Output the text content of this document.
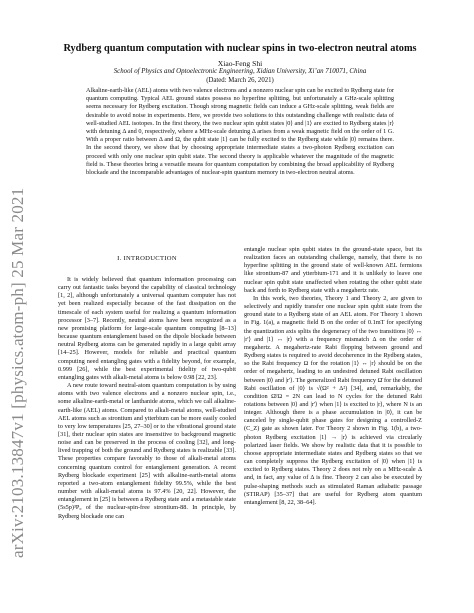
arXiv:2103.13847v1 [physics.atom-ph] 25 Mar 2021
Rydberg quantum computation with nuclear spins in two-electron neutral atoms
Xiao-Feng Shi
School of Physics and Optoelectronic Engineering, Xidian University, Xi’an 710071, China
(Dated: March 26, 2021)

Alkaline-earth-like (AEL) atoms with two valence electrons and a nonzero nuclear spin can be excited to Rydberg state for quantum computing. Typical AEL ground states possess no hyperfine splitting, but unfortunately a GHz-scale splitting seems necessary for Rydberg excitation. Though strong magnetic fields can induce a GHz-scale splitting, weak fields are desirable to avoid noise in experiments. Here, we provide two solutions to this outstanding challenge with realistic data of well-studied AEL isotopes. In the first theory, the two nuclear spin qubit states |0⟩ and |1⟩ are excited to Rydberg states |r⟩ with detuning Δ and 0, respectively, where a MHz-scale detuning Δ arises from a weak magnetic field on the order of 1 G. With a proper ratio between Δ and Ω, the qubit state |1⟩ can be fully excited to the Rydberg state while |0⟩ remains there. In the second theory, we show that by choosing appropriate intermediate states a two-photon Rydberg excitation can proceed with only one nuclear spin qubit state. The second theory is applicable whatever the magnitude of the magnetic field is. These theories bring a versatile means for quantum computation by combining the broad applicability of Rydberg blockade and the incomparable advantages of nuclear-spin quantum memory in two-electron neutral atoms.

I. INTRODUCTION

It is widely believed that quantum information processing can carry out fantastic tasks beyond the capability of classical technology [1, 2], although unfortunately a universal quantum computer has not yet been realized especially because of the fast dissipation on the timescale of each system useful for realizing a quantum information processor [3–7]. Recently, neutral atoms have been recognized as a new promising platform for large-scale quantum computing [8–13] because quantum entanglement based on the dipole blockade between neutral Rydberg atoms can be generated rapidly in a large qubit array [14–25]. However, models for reliable and practical quantum computing need entangling gates with a fidelity beyond, for example, 0.999 [26], while the best experimental fidelity of two-qubit entangling gates with alkali-metal atoms is below 0.98 [22, 23].

A new route toward neutral-atom quantum computation is by using atoms with two valence electrons and a nonzero nuclear spin, i.e., some alkaline-earth-metal or lanthanide atoms, which we call alkaline-earth-like (AEL) atoms. Compared to alkali-metal atoms, well-studied AEL atoms such as strontium and ytterbium can be more easily cooled to very low temperatures [25, 27–30] or to the vibrational ground state [31], their nuclear spin states are insensitive to background magnetic noise and can be preserved in the process of cooling [32], and long-lived trapping of both the ground and Rydberg states is realizable [33]. These properties compare favorably to those of alkali-metal atoms concerning quantum control for entanglement generation. A recent Rydberg blockade experiment [25] with alkaline-earth-metal atoms reported a two-atom entanglement fidelity 99.5%, while the best number with alkali-metal atoms is 97.4% [20, 22]. However, the entanglement in [25] is between a Rydberg state and a metastable state (5s5p)³P₀ of the nuclear-spin-free strontium-88. In principle, by Rydberg blockade one can

entangle nuclear spin qubit states in the ground-state space, but its realization faces an outstanding challenge, namely, that there is no hyperfine splitting in the ground state of well-known AEL fermions like strontium-87 and ytterbium-171 and it is unlikely to leave one nuclear spin qubit state unaffected when rotating the other qubit state back and forth to Rydberg state with a megahertz rate.

In this work, two theories, Theory 1 and Theory 2, are given to selectively and rapidly transfer one nuclear spin qubit state from the ground state to a Rydberg state of an AEL atom. For Theory 1 shown in Fig. 1(a), a magnetic field B on the order of 0.1mT for specifying the quantization axis splits the degeneracy of the two transitions |0⟩ ↔ |r'⟩ and |1⟩ ↔ |r⟩ with a frequency mismatch Δ on the order of megahertz. A megahertz-rate Rabi flopping between ground and Rydberg states is required to avoid decoherence in the Rydberg states, so the Rabi frequency Ω for the rotation |1⟩ ↔ |r⟩ should be on the order of megahertz, leading to an undesired detuned Rabi oscillation between |0⟩ and |r'⟩. The generalized Rabi frequency Ω̄ for the detuned Rabi oscillation of |0⟩ is √(Ω² + Δ²) [34], and, remarkably, the condition Ω̄/Ω = 2N can lead to N cycles for the detuned Rabi rotations between |0⟩ and |r'⟩ when |1⟩ is excited to |r⟩, where N is an integer. Although there is a phase accumulation in |0⟩, it can be canceled by single-qubit phase gates for designing a controlled-Z (C_Z) gate as shown later. For Theory 2 shown in Fig. 1(b), a two-photon Rydberg excitation |1⟩ → |r⟩ is achieved via circularly polarized laser fields. We show by realistic data that it is possible to choose appropriate intermediate states and Rydberg states so that we can completely suppress the Rydberg excitation of |0⟩ when |1⟩ is excited to Rydberg states. Theory 2 does not rely on a MHz-scale Δ and, in fact, any value of Δ is fine. Theory 2 can also be executed by pulse-shaping methods such as stimulated Raman adiabatic passage (STIRAP) [35–37] that are useful for Rydberg atom quantum entanglement [8, 22, 38–64].
